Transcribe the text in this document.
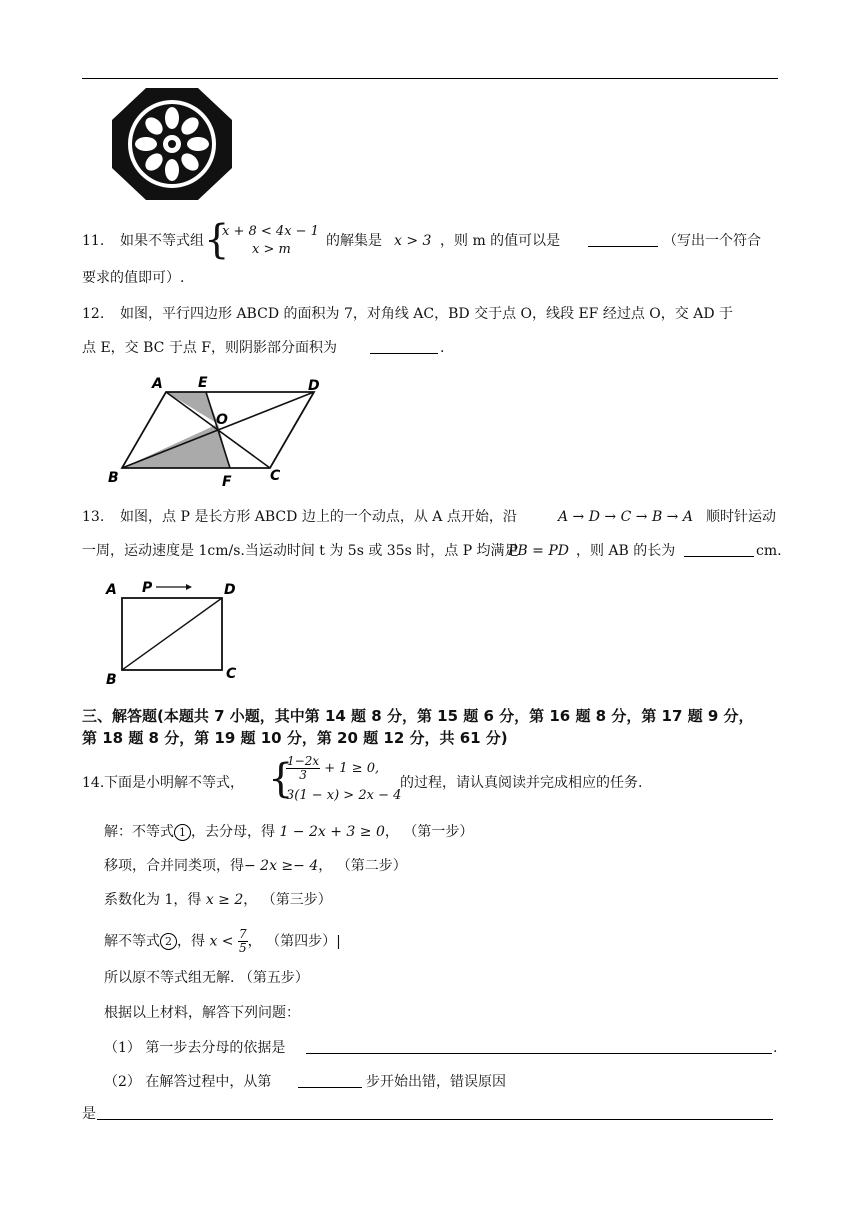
11. 如果不等式组 {
x + 8 < 4x − 1
x > m
的解集是 x > 3 ，则 m 的值可以是	（写出一个符合
要求的值即可）.
12. 如图，平行四边形 ABCD 的面积为 7，对角线 AC，BD 交于点 O，线段 EF 经过点 O，交 AD 于
点 E，交 BC 于点 F，则阴影部分面积为	.
A	E	D
O
B	F	C
13. 如图，点 P 是长方形 ABCD 边上的一个动点，从 A 点开始，沿	A → D → C → B → A 顺时针运动
一周，运动速度是 1cm/s.当运动时间 t 为 5s 或 35s 时，点 P 均满足
PB = PD ，则 AB 的长为	cm.
A P	D
B	C
三、解答题(本题共 7 小题，其中第 14 题 8 分，第 15 题 6 分，第 16 题 8 分，第 17 题 9 分，
第 18 题 8 分，第 19 题 10 分，第 20 题 12 分，共 61 分)
14. 下面是小明解不等式， {
$\frac{1-2x}{3} + 1 \ge 0$,
3(1 − x) > 2x − 4
的过程，请认真阅读并完成相应的任务.
解：不等式 1 ，去分母，得 1 − 2x + 3 ≥ 0， （第一步）
移项，合并同类项，得− 2x ≥− 4， （第二步）
系数化为 1，得 x ≥ 2， （第三步）
解不等式 2 ，得 $x < \frac{7}{5}$ ， （第四步）|
所以原不等式组无解. （第五步）
根据以上材料，解答下列问题：
（1） 第一步去分母的依据是	.
（2） 在解答过程中，从第	步开始出错，错误原因
是
